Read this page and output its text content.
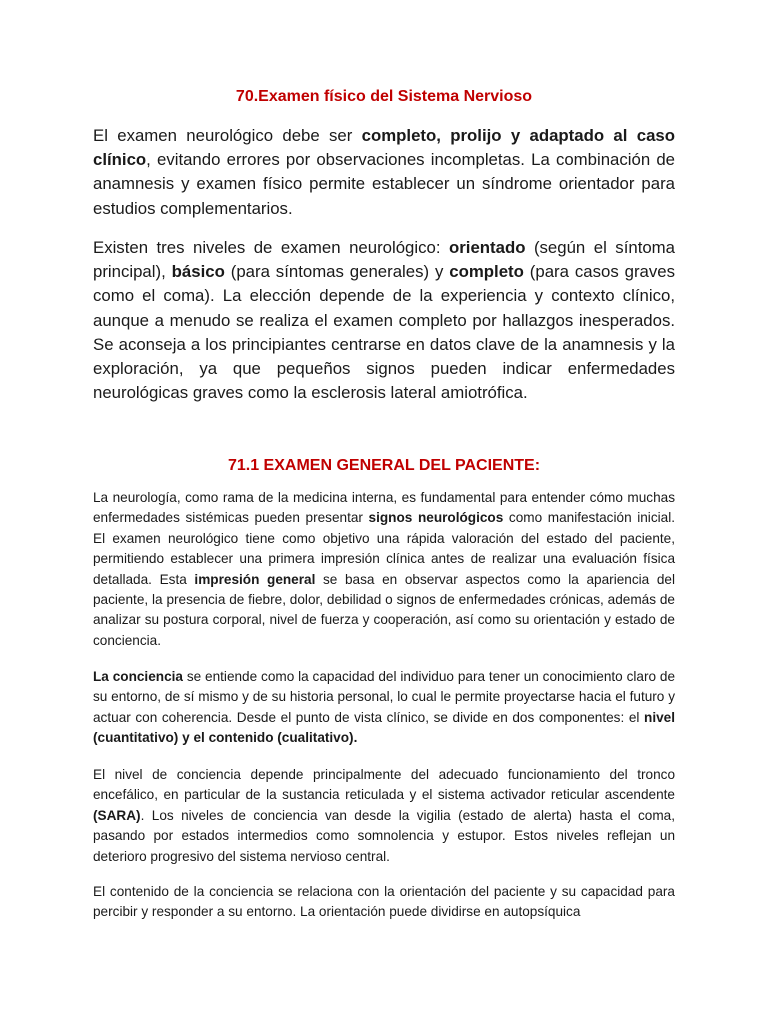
70.Examen físico del Sistema Nervioso

El examen neurológico debe ser completo, prolijo y adaptado al caso clínico, evitando errores por observaciones incompletas. La combinación de anamnesis y examen físico permite establecer un síndrome orientador para estudios complementarios.

Existen tres niveles de examen neurológico: orientado (según el síntoma principal), básico (para síntomas generales) y completo (para casos graves como el coma). La elección depende de la experiencia y contexto clínico, aunque a menudo se realiza el examen completo por hallazgos inesperados. Se aconseja a los principiantes centrarse en datos clave de la anamnesis y la exploración, ya que pequeños signos pueden indicar enfermedades neurológicas graves como la esclerosis lateral amiotrófica.

71.1 EXAMEN GENERAL DEL PACIENTE:

La neurología, como rama de la medicina interna, es fundamental para entender cómo muchas enfermedades sistémicas pueden presentar signos neurológicos como manifestación inicial. El examen neurológico tiene como objetivo una rápida valoración del estado del paciente, permitiendo establecer una primera impresión clínica antes de realizar una evaluación física detallada. Esta impresión general se basa en observar aspectos como la apariencia del paciente, la presencia de fiebre, dolor, debilidad o signos de enfermedades crónicas, además de analizar su postura corporal, nivel de fuerza y cooperación, así como su orientación y estado de conciencia.

La conciencia se entiende como la capacidad del individuo para tener un conocimiento claro de su entorno, de sí mismo y de su historia personal, lo cual le permite proyectarse hacia el futuro y actuar con coherencia. Desde el punto de vista clínico, se divide en dos componentes: el nivel (cuantitativo) y el contenido (cualitativo).

El nivel de conciencia depende principalmente del adecuado funcionamiento del tronco encefálico, en particular de la sustancia reticulada y el sistema activador reticular ascendente (SARA). Los niveles de conciencia van desde la vigilia (estado de alerta) hasta el coma, pasando por estados intermedios como somnolencia y estupor. Estos niveles reflejan un deterioro progresivo del sistema nervioso central.

El contenido de la conciencia se relaciona con la orientación del paciente y su capacidad para percibir y responder a su entorno. La orientación puede dividirse en autopsíquica
